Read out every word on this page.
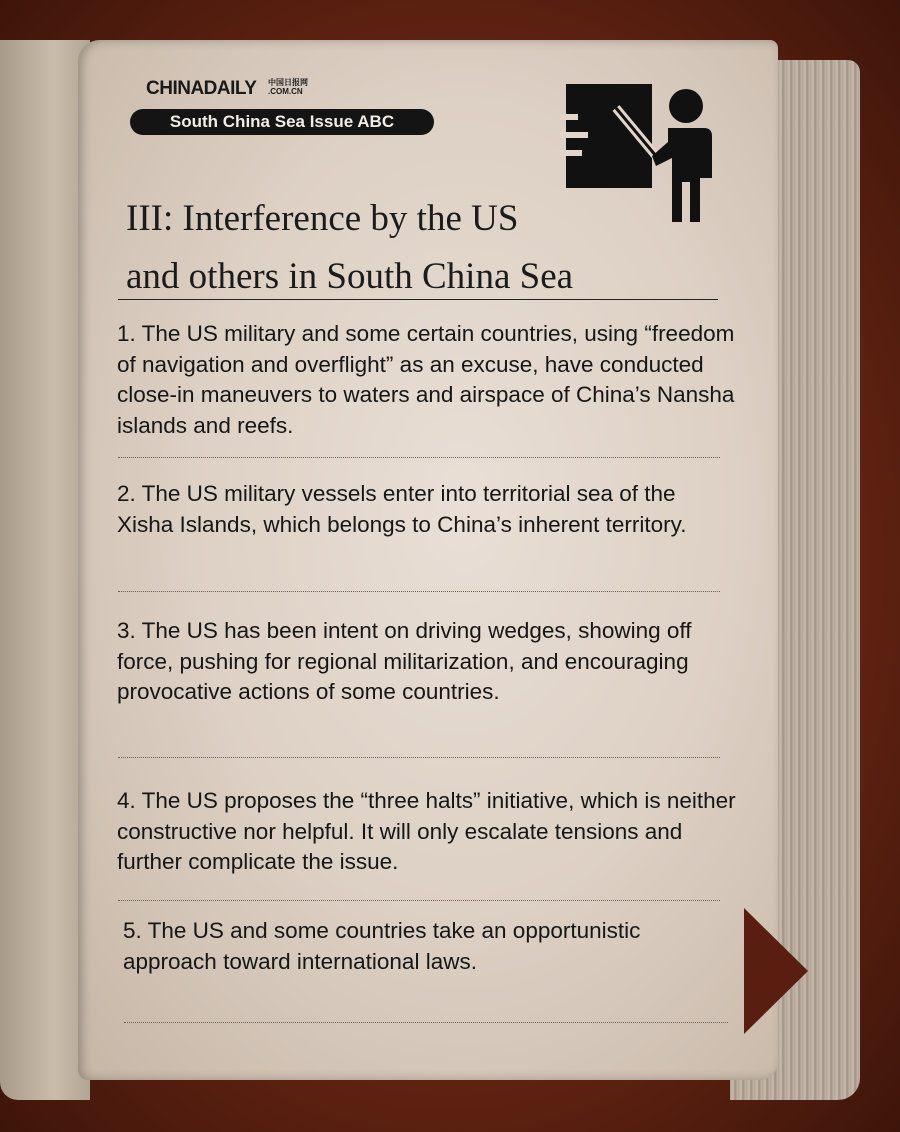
CHINADAILY 中国日报网
.COM.CN
South China Sea Issue ABC
III: Interference by the US
and others in South China Sea
1. The US military and some certain countries, using “freedom of navigation and overflight” as an excuse, have conducted close-in maneuvers to waters and airspace of China’s Nansha islands and reefs.
2. The US military vessels enter into territorial sea of the Xisha Islands, which belongs to China’s inherent territory.
3. The US has been intent on driving wedges, showing off force, pushing for regional militarization, and encouraging provocative actions of some countries.
4. The US proposes the “three halts” initiative, which is neither constructive nor helpful. It will only escalate tensions and further complicate the issue.
5. The US and some countries take an opportunistic approach toward international laws.
